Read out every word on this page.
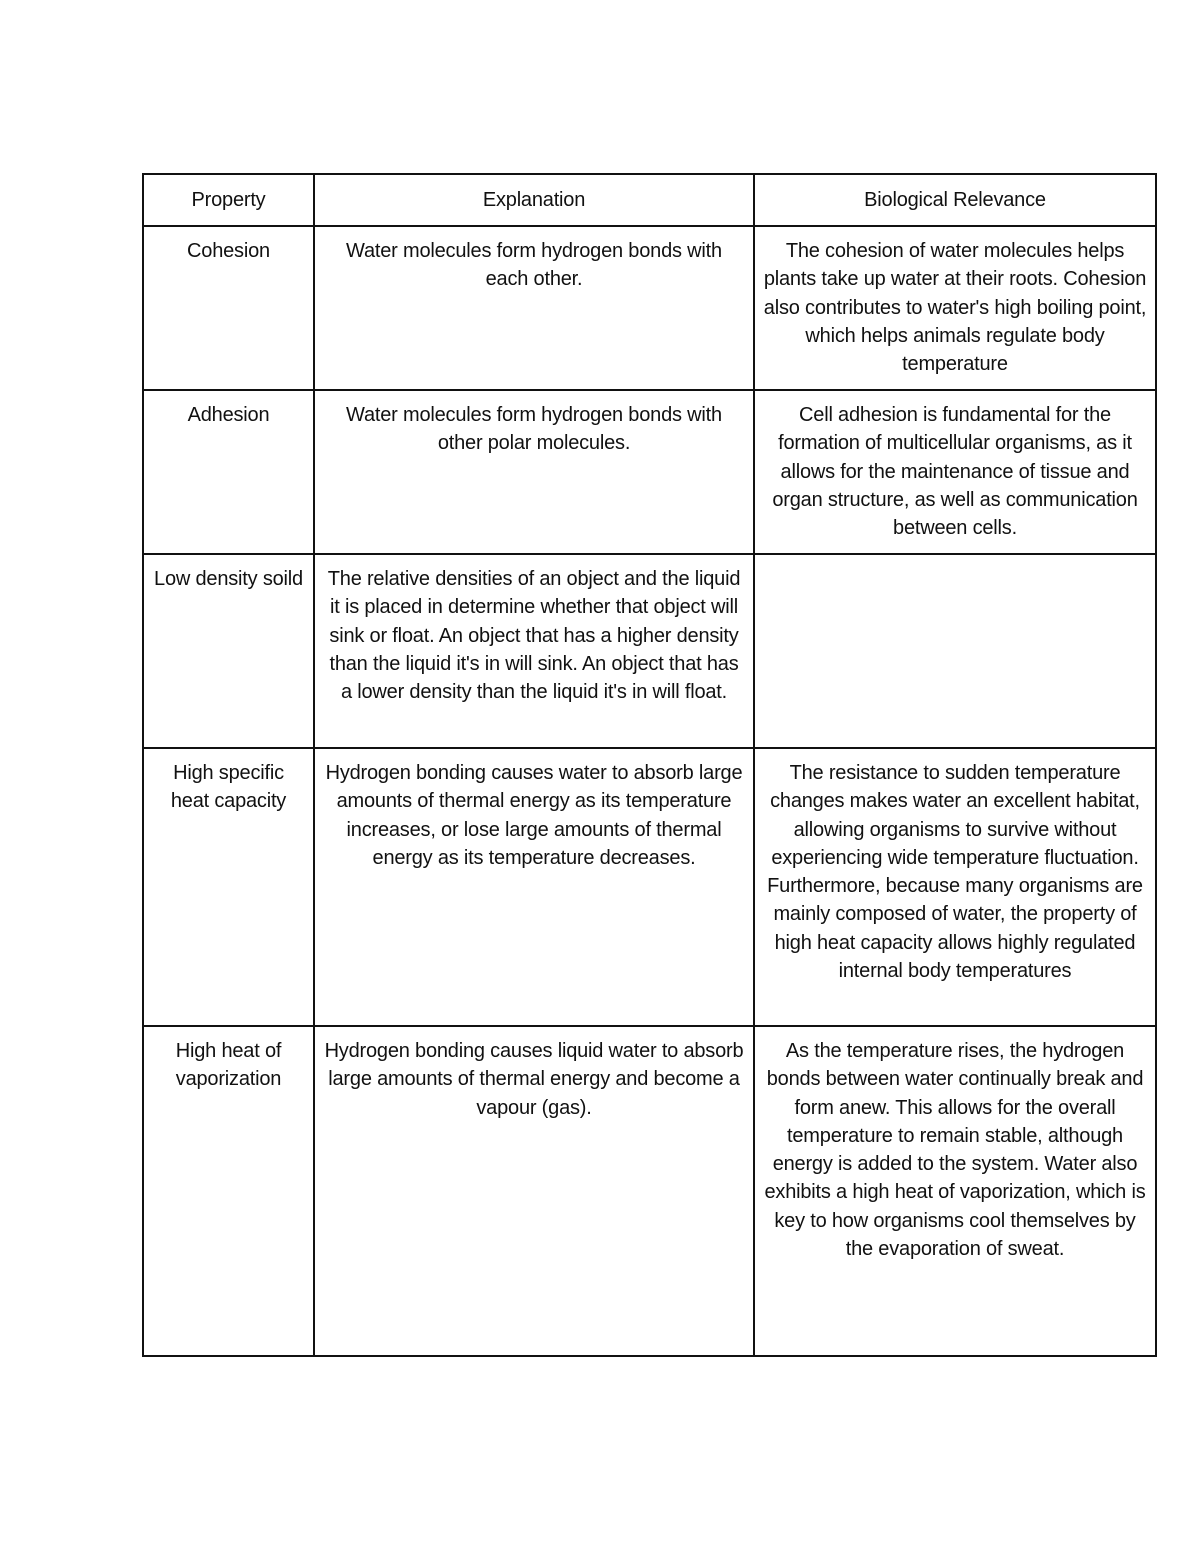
Property	Explanation	Biological Relevance
Cohesion	Water molecules form hydrogen bonds with each other.	The cohesion of water molecules helps plants take up water at their roots. Cohesion also contributes to water's high boiling point, which helps animals regulate body temperature
Adhesion	Water molecules form hydrogen bonds with other polar molecules.	Cell adhesion is fundamental for the formation of multicellular organisms, as it allows for the maintenance of tissue and organ structure, as well as communication between cells.
Low density soild	The relative densities of an object and the liquid it is placed in determine whether that object will sink or float. An object that has a higher density than the liquid it's in will sink. An object that has a lower density than the liquid it's in will float.	
High specific heat capacity	Hydrogen bonding causes water to absorb large amounts of thermal energy as its temperature increases, or lose large amounts of thermal energy as its temperature decreases.	The resistance to sudden temperature changes makes water an excellent habitat, allowing organisms to survive without experiencing wide temperature fluctuation. Furthermore, because many organisms are mainly composed of water, the property of high heat capacity allows highly regulated internal body temperatures
High heat of vaporization	Hydrogen bonding causes liquid water to absorb large amounts of thermal energy and become a vapour (gas).	As the temperature rises, the hydrogen bonds between water continually break and form anew. This allows for the overall temperature to remain stable, although energy is added to the system. Water also exhibits a high heat of vaporization, which is key to how organisms cool themselves by the evaporation of sweat.
